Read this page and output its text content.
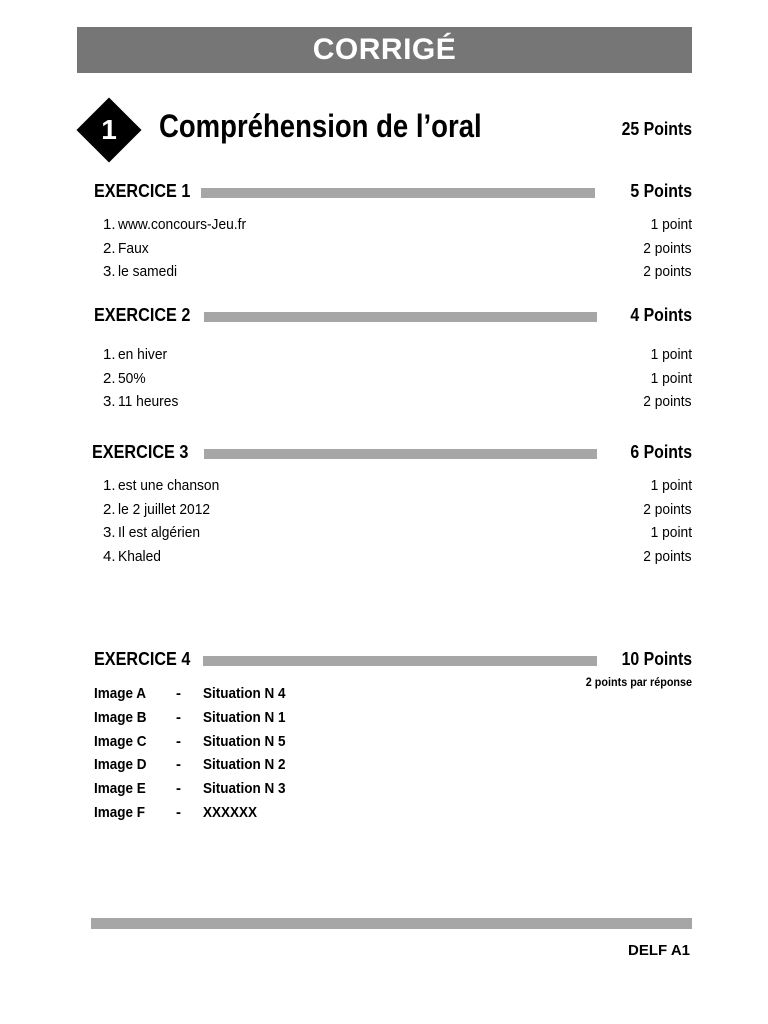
CORRIGÉ
1	Compréhension de l’oral	25 Points
EXERCICE 1	5 Points
1. www.concours-Jeu.fr	1 point
2. Faux	2 points
3. le samedi	2 points
EXERCICE 2	4 Points
1. en hiver	1 point
2. 50%	1 point
3. 11 heures	2 points
EXERCICE 3	6 Points
1. est une chanson	1 point
2. le 2 juillet 2012	2 points
3. Il est algérien	1 point
4. Khaled	2 points
EXERCICE 4	10 Points
2 points par réponse
Image A - Situation N 4
Image B - Situation N 1
Image C - Situation N 5
Image D - Situation N 2
Image E - Situation N 3
Image F - XXXXXX
DELF A1
